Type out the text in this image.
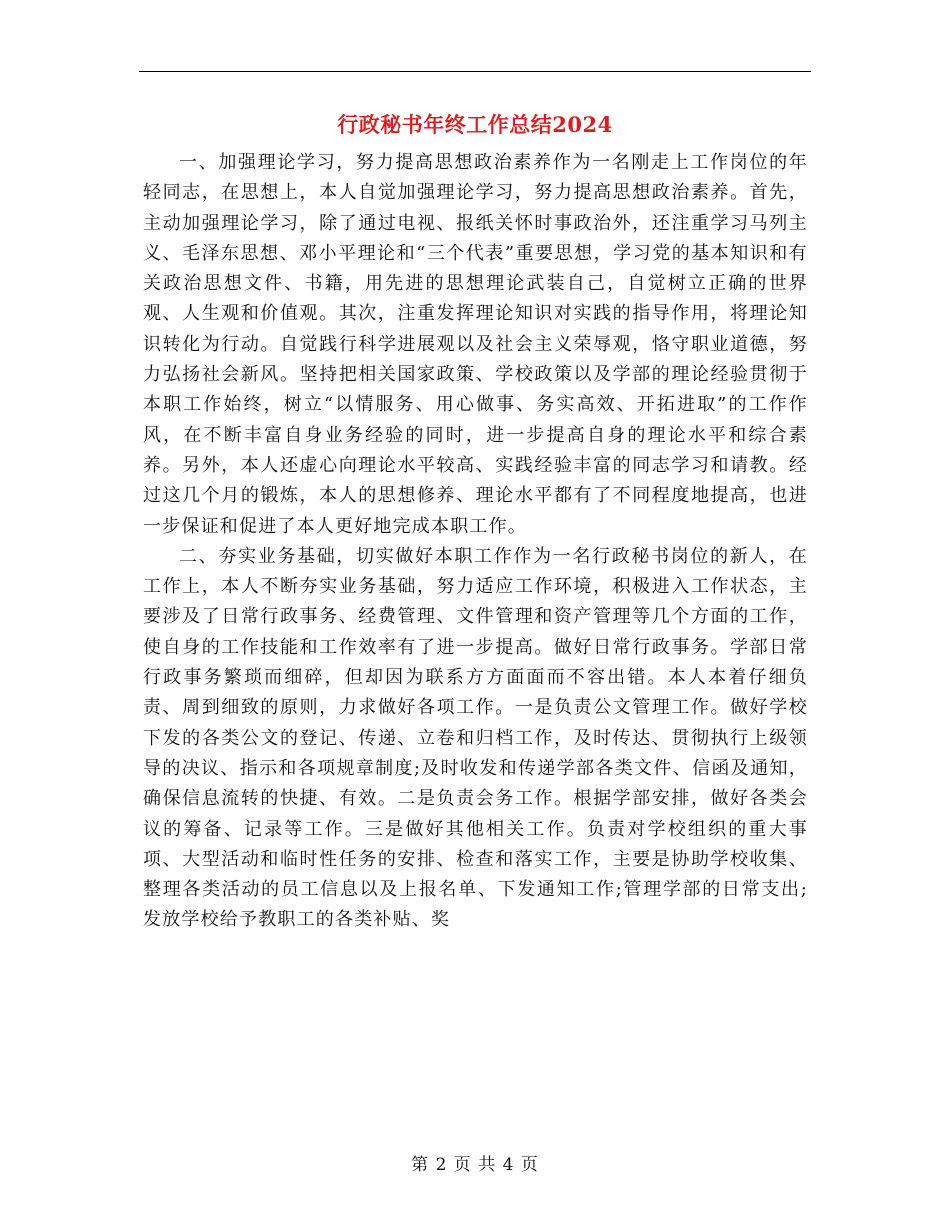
行政秘书年终工作总结2024

一、加强理论学习，努力提高思想政治素养作为一名刚走上工作岗位的年轻同志，在思想上，本人自觉加强理论学习，努力提高思想政治素养。首先，主动加强理论学习，除了通过电视、报纸关怀时事政治外，还注重学习马列主义、毛泽东思想、邓小平理论和“三个代表”重要思想，学习党的基本知识和有关政治思想文件、书籍，用先进的思想理论武装自己，自觉树立正确的世界观、人生观和价值观。其次，注重发挥理论知识对实践的指导作用，将理论知识转化为行动。自觉践行科学进展观以及社会主义荣辱观，恪守职业道德，努力弘扬社会新风。坚持把相关国家政策、学校政策以及学部的理论经验贯彻于本职工作始终，树立“以情服务、用心做事、务实高效、开拓进取”的工作作风，在不断丰富自身业务经验的同时，进一步提高自身的理论水平和综合素养。另外，本人还虚心向理论水平较高、实践经验丰富的同志学习和请教。经过这几个月的锻炼，本人的思想修养、理论水平都有了不同程度地提高，也进一步保证和促进了本人更好地完成本职工作。

二、夯实业务基础，切实做好本职工作作为一名行政秘书岗位的新人，在工作上，本人不断夯实业务基础，努力适应工作环境，积极进入工作状态，主要涉及了日常行政事务、经费管理、文件管理和资产管理等几个方面的工作，使自身的工作技能和工作效率有了进一步提高。做好日常行政事务。学部日常行政事务繁琐而细碎，但却因为联系方方面面而不容出错。本人本着仔细负责、周到细致的原则，力求做好各项工作。一是负责公文管理工作。做好学校下发的各类公文的登记、传递、立卷和归档工作，及时传达、贯彻执行上级领导的决议、指示和各项规章制度;及时收发和传递学部各类文件、信函及通知，确保信息流转的快捷、有效。二是负责会务工作。根据学部安排，做好各类会议的筹备、记录等工作。三是做好其他相关工作。负责对学校组织的重大事项、大型活动和临时性任务的安排、检查和落实工作，主要是协助学校收集、整理各类活动的员工信息以及上报名单、下发通知工作;管理学部的日常支出;发放学校给予教职工的各类补贴、奖

第 2 页 共 4 页
